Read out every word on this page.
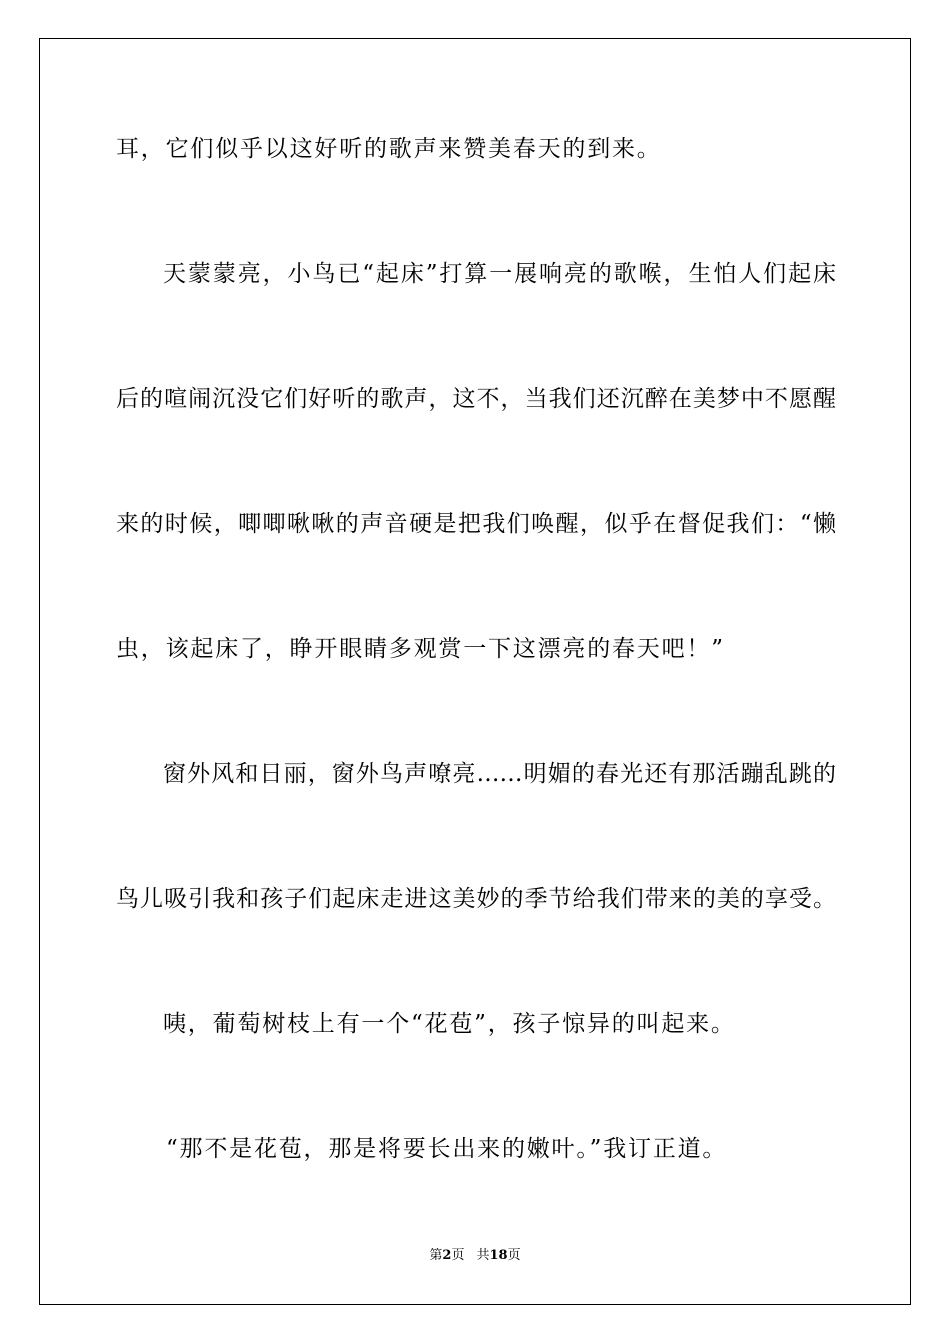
耳，它们似乎以这好听的歌声来赞美春天的到来。
天蒙蒙亮，小鸟已“起床”打算一展响亮的歌喉，生怕人们起床
后的喧闹沉没它们好听的歌声，这不，当我们还沉醉在美梦中不愿醒
来的时候，唧唧啾啾的声音硬是把我们唤醒，似乎在督促我们：“懒
虫，该起床了，睁开眼睛多观赏一下这漂亮的春天吧！”
窗外风和日丽，窗外鸟声嘹亮……明媚的春光还有那活蹦乱跳的
鸟儿吸引我和孩子们起床走进这美妙的季节给我们带来的美的享受。
咦，葡萄树枝上有一个“花苞”，孩子惊异的叫起来。
“那不是花苞，那是将要长出来的嫩叶。”我订正道。
第2页 共18页
